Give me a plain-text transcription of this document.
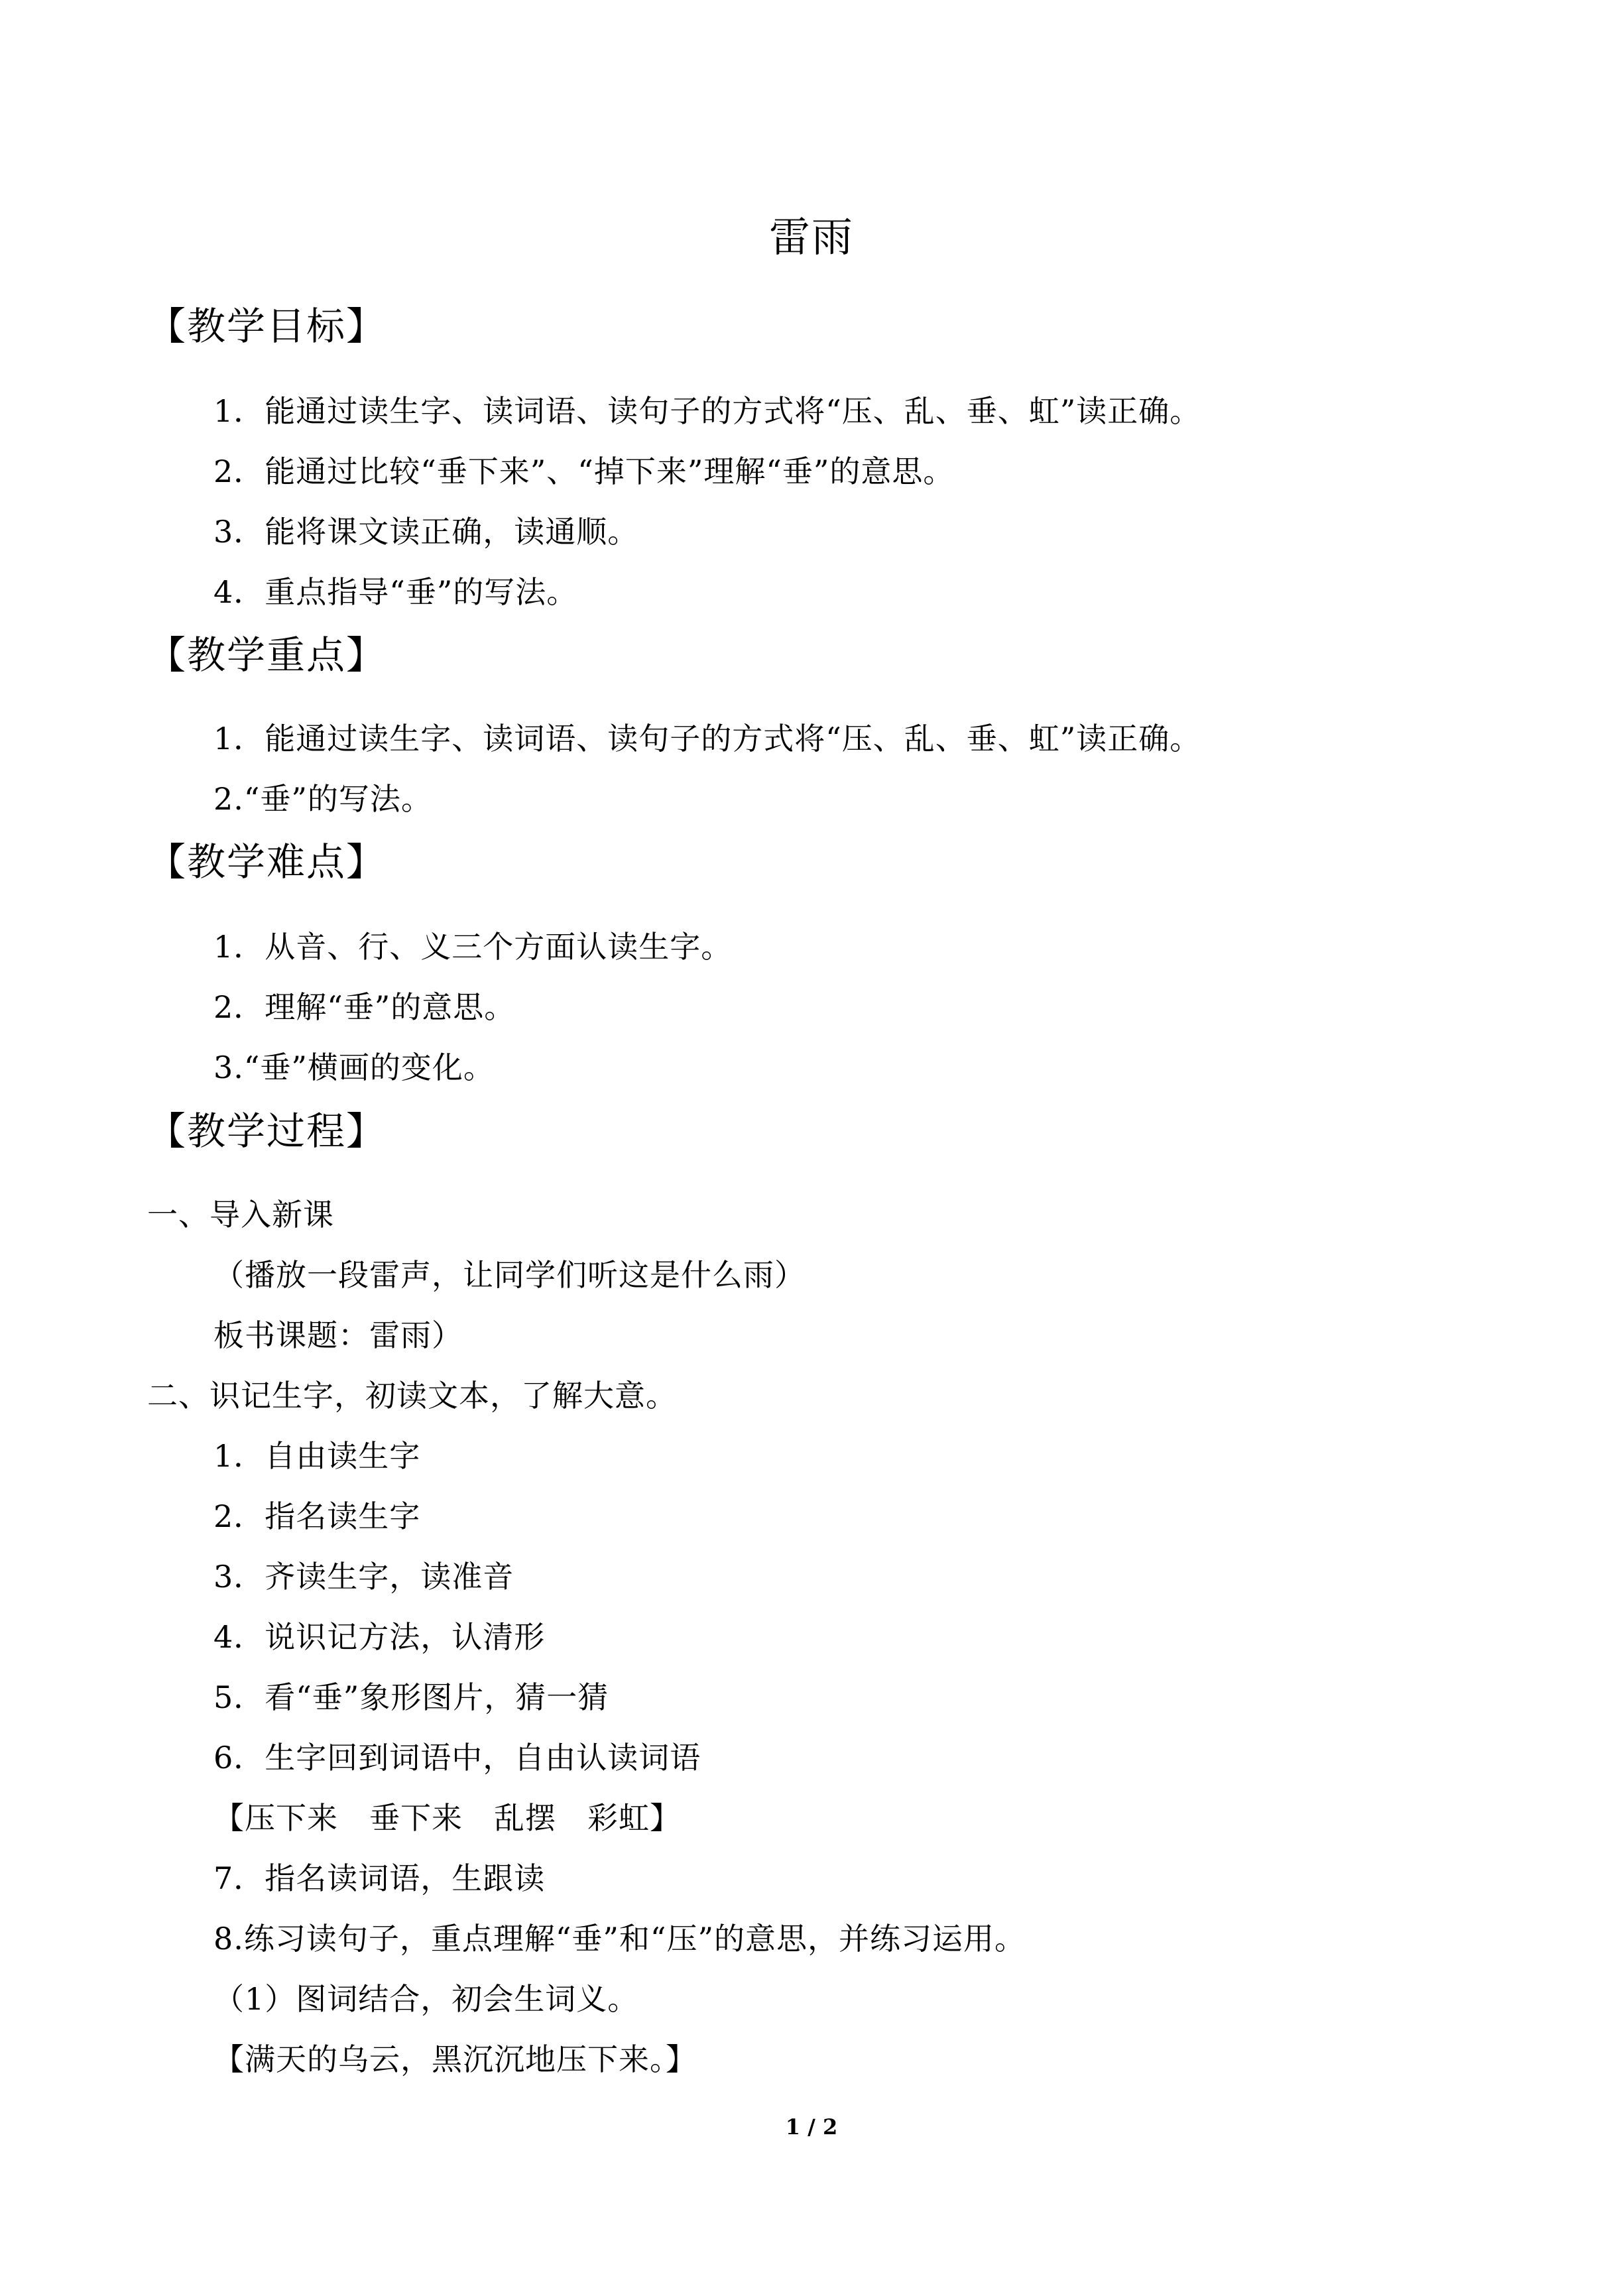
雷雨
【教学目标】
1．能通过读生字、读词语、读句子的方式将“压、乱、垂、虹”读正确。
2．能通过比较“垂下来”、“掉下来”理解“垂”的意思。
3．能将课文读正确，读通顺。
4．重点指导“垂”的写法。
【教学重点】
1．能通过读生字、读词语、读句子的方式将“压、乱、垂、虹”读正确。
2.“垂”的写法。
【教学难点】
1．从音、行、义三个方面认读生字。
2．理解“垂”的意思。
3.“垂”横画的变化。
【教学过程】
一、导入新课
（播放一段雷声，让同学们听这是什么雨）
板书课题：雷雨）
二、识记生字，初读文本，了解大意。
1．自由读生字
2．指名读生字
3．齐读生字，读准音
4．说识记方法，认清形
5．看“垂”象形图片，猜一猜
6．生字回到词语中，自由认读词语
【压下来　垂下来　乱摆　彩虹】
7．指名读词语，生跟读
8.练习读句子，重点理解“垂”和“压”的意思，并练习运用。
（1）图词结合，初会生词义。
【满天的乌云，黑沉沉地压下来。】
1 / 2
